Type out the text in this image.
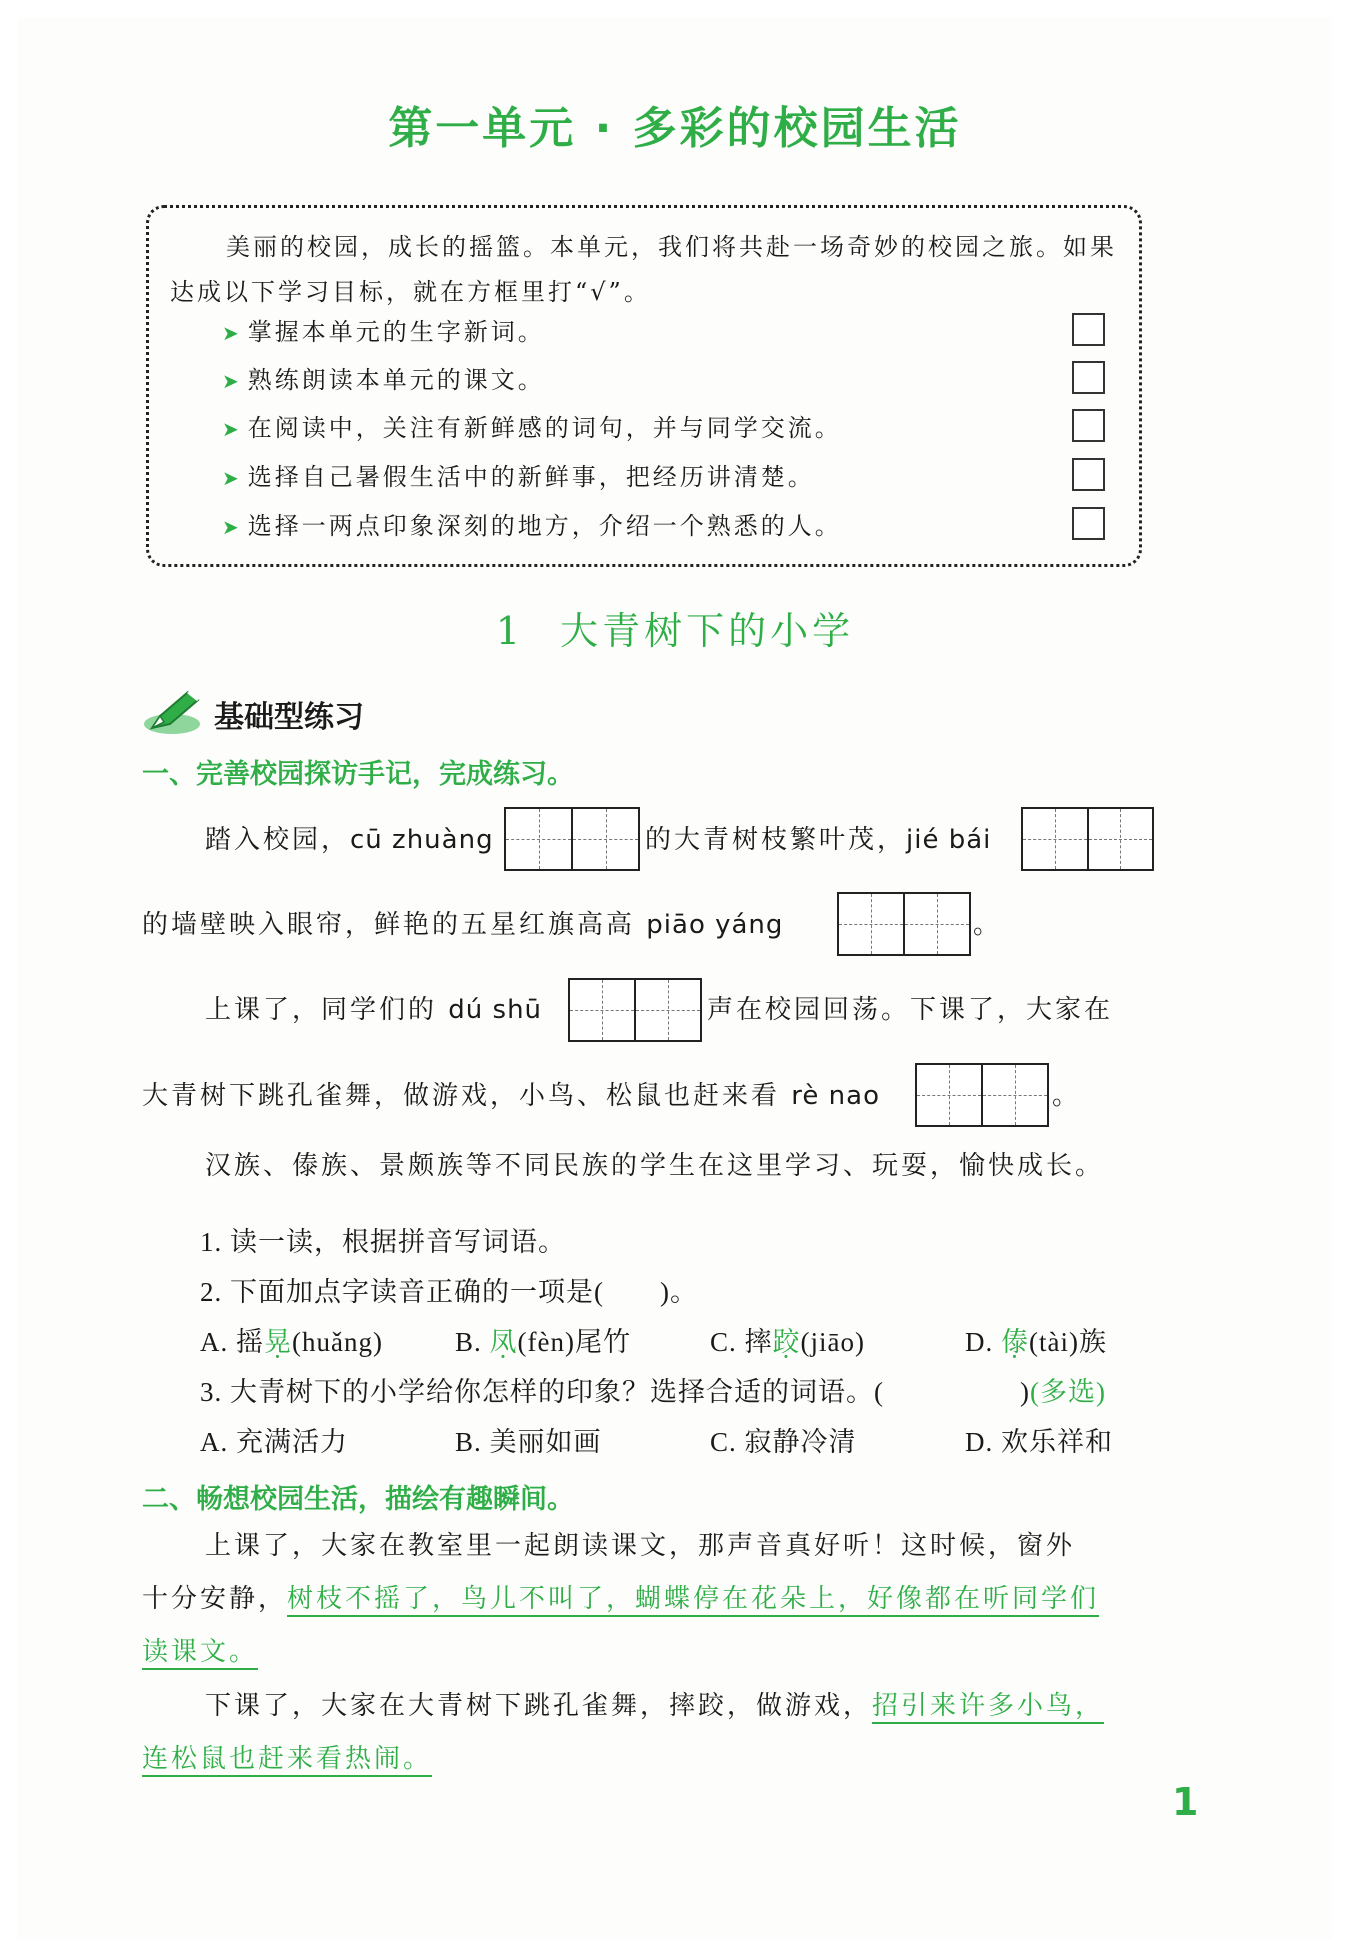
第一单元 · 多彩的校园生活
美丽的校园，成长的摇篮。本单元，我们将共赴一场奇妙的校园之旅。如果达成以下学习目标，就在方框里打“√”。
➤ 掌握本单元的生字新词。
➤ 熟练朗读本单元的课文。
➤ 在阅读中，关注有新鲜感的词句，并与同学交流。
➤ 选择自己暑假生活中的新鲜事，把经历讲清楚。
➤ 选择一两点印象深刻的地方，介绍一个熟悉的人。
1 大青树下的小学
基础型练习
一、完善校园探访手记，完成练习。
踏入校园，cū zhuàng	的大青树枝繁叶茂，jié bái
的墙壁映入眼帘，鲜艳的五星红旗高高 piāo yáng	。
上课了，同学们的 dú shū	声在校园回荡。下课了，大家在
大青树下跳孔雀舞，做游戏，小鸟、松鼠也赶来看 rè nao	。
汉族、傣族、景颇族等不同民族的学生在这里学习、玩耍，愉快成长。
1. 读一读，根据拼音写词语。
2. 下面加点字读音正确的一项是(　　)。
A. 摇晃(huǎng)	B. 凤(fèn)尾竹	C. 摔跤(jiāo)	D. 傣(tài)族
3. 大青树下的小学给你怎样的印象？选择合适的词语。(	)(多选)
A. 充满活力	B. 美丽如画	C. 寂静冷清	D. 欢乐祥和
二、畅想校园生活，描绘有趣瞬间。
上课了，大家在教室里一起朗读课文，那声音真好听！这时候，窗外
十分安静，树枝不摇了，鸟儿不叫了，蝴蝶停在花朵上，好像都在听同学们
读课文。
下课了，大家在大青树下跳孔雀舞，摔跤，做游戏，招引来许多小鸟，
连松鼠也赶来看热闹。
1
